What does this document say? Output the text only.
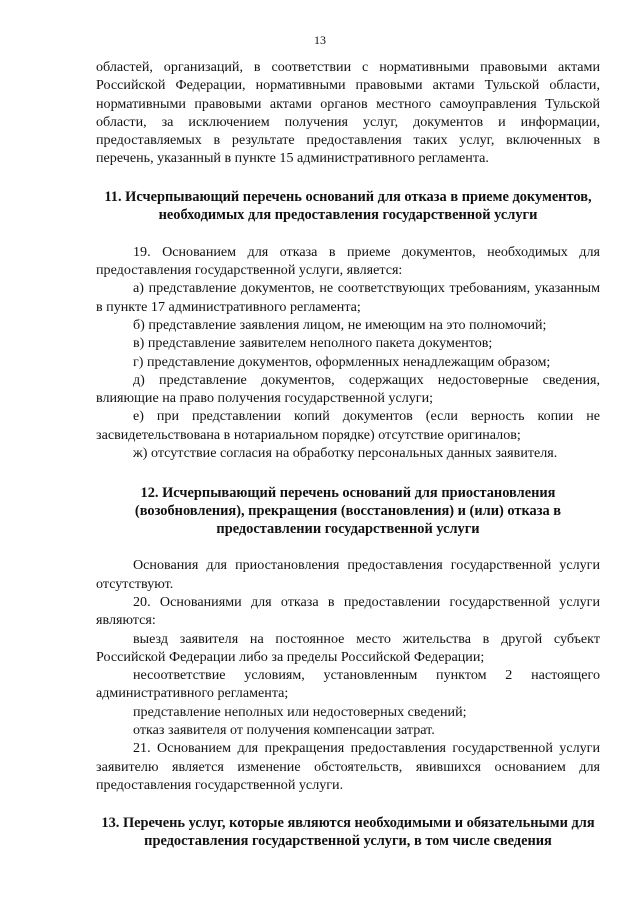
13

областей, организаций, в соответствии с нормативными правовыми актами Российской Федерации, нормативными правовыми актами Тульской области, нормативными правовыми актами органов местного самоуправления Тульской области, за исключением получения услуг, документов и информации, предоставляемых в результате предоставления таких услуг, включенных в перечень, указанный в пункте 15 административного регламента.

11. Исчерпывающий перечень оснований для отказа в приеме документов, необходимых для предоставления государственной услуги

19. Основанием для отказа в приеме документов, необходимых для предоставления государственной услуги, является:

а) представление документов, не соответствующих требованиям, указанным в пункте 17 административного регламента;

б) представление заявления лицом, не имеющим на это полномочий;

в) представление заявителем неполного пакета документов;

г) представление документов, оформленных ненадлежащим образом;

д) представление документов, содержащих недостоверные сведения, влияющие на право получения государственной услуги;

е) при представлении копий документов (если верность копии не засвидетельствована в нотариальном порядке) отсутствие оригиналов;

ж) отсутствие согласия на обработку персональных данных заявителя.

12. Исчерпывающий перечень оснований для приостановления (возобновления), прекращения (восстановления) и (или) отказа в предоставлении государственной услуги

Основания для приостановления предоставления государственной услуги отсутствуют.

20. Основаниями для отказа в предоставлении государственной услуги являются:

выезд заявителя на постоянное место жительства в другой субъект Российской Федерации либо за пределы Российской Федерации;

несоответствие условиям, установленным пунктом 2 настоящего административного регламента;

представление неполных или недостоверных сведений;

отказ заявителя от получения компенсации затрат.

21. Основанием для прекращения предоставления государственной услуги заявителю является изменение обстоятельств, явившихся основанием для предоставления государственной услуги.

13. Перечень услуг, которые являются необходимыми и обязательными для предоставления государственной услуги, в том числе сведения
